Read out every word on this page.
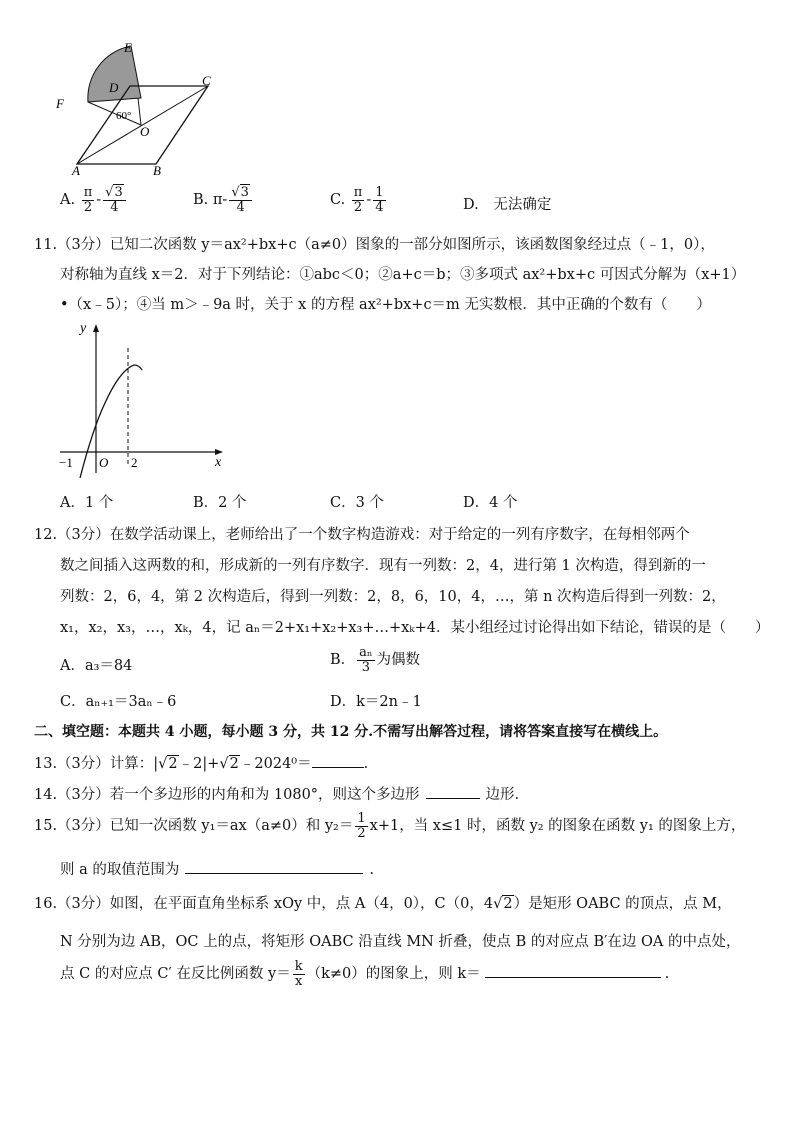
E
D	C
F
O
A	B
60°
A. $\frac{\pi}{2} - \frac{√3}{4}$	B. $\pi- \frac{√3}{4}$	C. $\frac{\pi}{2} - \frac{1}{4}$	D. 无法确定
11.（3分）已知二次函数 y＝ax²+bx+c（a≠0）图象的一部分如图所示，该函数图象经过点（﹣1，0），
对称轴为直线 x＝2．对于下列结论：①abc＜0；②a+c＝b；③多项式 ax²+bx+c 可因式分解为（x+1）
•（x﹣5）；④当 m＞﹣9a 时，关于 x 的方程 ax²+bx+c＝m 无实数根．其中正确的个数有（　　）
y
x
O
−1	2
A．1 个	B．2 个	C．3 个	D．4 个
12.（3分）在数学活动课上，老师给出了一个数字构造游戏：对于给定的一列有序数字，在每相邻两个
数之间插入这两数的和，形成新的一列有序数字．现有一列数：2，4，进行第 1 次构造，得到新的一
列数：2，6，4，第 2 次构造后，得到一列数：2，8，6，10，4，…，第 n 次构造后得到一列数：2，
x₁，x₂，x₃，…，xₖ，4，记 aₙ＝2+x₁+x₂+x₃+…+xₖ+4．某小组经过讨论得出如下结论，错误的是（　　）
A．a₃＝84	B． $\frac{\text{aₙ}}{3}$ 为偶数
C．aₙ₊₁＝3aₙ﹣6	D．k＝2n﹣1
二、填空题：本题共 4 小题，每小题 3 分，共 12 分.不需写出解答过程，请将答案直接写在横线上。
13.（3分）计算：|√2﹣2|+√2﹣2024⁰＝	.
14.（3分）若一个多边形的内角和为 1080°，则这个多边形	边形.
15.（3分）已知一次函数 y₁＝ax（a≠0）和 $y_2= \frac{1}{2} x+1$，当 x≤1 时，函数 y₂ 的图象在函数 y₁ 的图象上方，
则 a 的取值范围为	.
16.（3分）如图，在平面直角坐标系 xOy 中，点 A（4，0），C（0，4√2）是矩形 OABC 的顶点，点 M，
N 分别为边 AB，OC 上的点，将矩形 OABC 沿直线 MN 折叠，使点 B 的对应点 B′在边 OA 的中点处，
点 C 的对应点 C′ 在反比例函数 $y= \frac{k}{x} (k\ne 0)$的图象上，则 k＝	.
